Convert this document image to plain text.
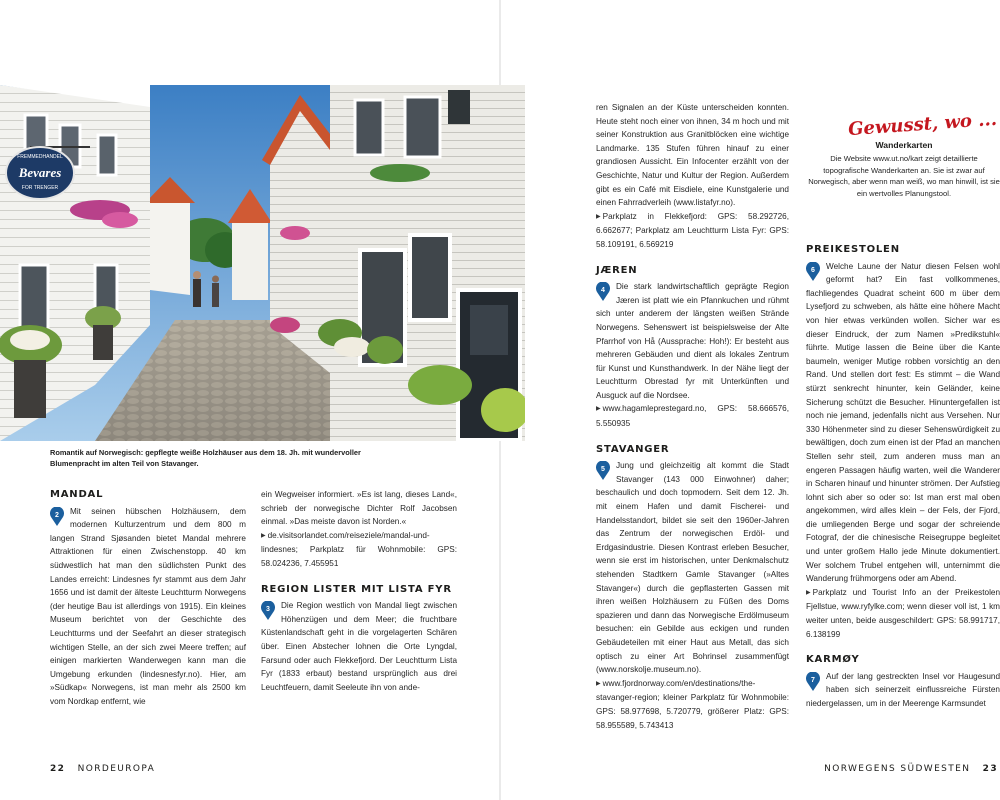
FREMMEDHANDEL
Bevares
FOR TRENGER
Romantik auf Norwegisch: gepflegte weiße Holzhäuser aus dem 18. Jh. mit wundervoller Blumenpracht im alten Teil von Stavanger.
MANDAL
2	Mit seinen hübschen Holzhäusern, dem modernen Kulturzentrum und dem 800 m langen Strand Sjøsanden bietet Mandal mehrere Attraktionen für einen Zwischenstopp. 40 km südwestlich hat man den südlichsten Punkt des Landes erreicht: Lindesnes fyr stammt aus dem Jahr 1656 und ist damit der älteste Leuchtturm Norwegens (der heutige Bau ist allerdings von 1915). Ein kleines Museum berichtet von der Geschichte des Leuchtturms und der Seefahrt an dieser strategisch wichtigen Stelle, an der sich zwei Meere treffen; auf einigen markierten Wanderwegen kann man die Umgebung erkunden (lindesnesfyr.no). Hier, am »Südkap« Norwegens, ist man mehr als 2500 km vom Nordkap entfernt, wie

ein Wegweiser informiert. »Es ist lang, dieses Land«, schrieb der norwegische Dichter Rolf Jacobsen einmal. »Das meiste davon ist Norden.«

▶ de.visitsorlandet.com/reiseziele/mandal-und-lindesnes; Parkplatz für Wohnmobile: GPS: 58.024236, 7.455951

REGION LISTER MIT LISTA FYR
3	Die Region westlich von Mandal liegt zwischen Höhenzügen und dem Meer; die fruchtbare Küstenlandschaft geht in die vorgelagerten Schären über. Einen Abstecher lohnen die Orte Lyngdal, Farsund oder auch Flekkefjord. Der Leuchtturm Lista Fyr (1833 erbaut) bestand ursprünglich aus drei Leuchtfeuern, damit Seeleute ihn von ande-

ren Signalen an der Küste unterscheiden konnten. Heute steht noch einer von ihnen, 34 m hoch und mit seiner Konstruktion aus Granitblöcken eine wichtige Landmarke. 135 Stufen führen hinauf zu einer grandiosen Aussicht. Ein Infocenter erzählt von der Geschichte, Natur und Kultur der Region. Außerdem gibt es ein Café mit Eisdiele, eine Kunstgalerie und einen Fahrradverleih (www.listafyr.no).

▶ Parkplatz in Flekkefjord: GPS: 58.292726, 6.662677; Parkplatz am Leuchtturm Lista Fyr: GPS: 58.109191, 6.569219

JÆREN
4	Die stark landwirtschaftlich geprägte Region Jæren ist platt wie ein Pfannkuchen und rühmt sich unter anderem der längsten weißen Strände Norwegens. Sehenswert ist beispielsweise der Alte Pfarrhof von Hå (Aussprache: Hoh!): Er besteht aus mehreren Gebäuden und dient als lokales Zentrum für Kunst und Kunsthandwerk. In der Nähe liegt der Leuchtturm Obrestad fyr mit Unterkünften und Ausguck auf die Nordsee.

▶ www.hagamleprestegard.no, GPS: 58.666576, 5.550935

STAVANGER
5	Jung und gleichzeitig alt kommt die Stadt Stavanger (143 000 Einwohner) daher; beschaulich und doch topmodern. Seit dem 12. Jh. mit einem Hafen und damit Fischerei- und Handelsstandort, bildet sie seit den 1960er-Jahren das Zentrum der norwegischen Erdöl- und Erdgasindustrie. Diesen Kontrast erleben Besucher, wenn sie erst im historischen, unter Denkmalschutz stehenden Stadtkern Gamle Stavanger (»Altes Stavanger«) durch die gepflasterten Gassen mit ihren weißen Holzhäusern zu Füßen des Doms spazieren und dann das Norwegische Erdölmuseum besuchen: ein Gebilde aus eckigen und runden Gebäudeteilen mit einer Haut aus Metall, das sich optisch zu einer Art Bohrinsel zusammenfügt (www.norskolje.museum.no).

▶ www.fjordnorway.com/en/destinations/the-stavanger-region; kleiner Parkplatz für Wohnmobile: GPS: 58.977698, 5.720779, größerer Platz: GPS: 58.955589, 5.743413

Gewusst, wo ...
Wanderkarten
Die Website www.ut.no/kart zeigt detaillierte topografische Wanderkarten an. Sie ist zwar auf Norwegisch, aber wenn man weiß, wo man hinwill, ist sie ein wertvolles Planungstool.
PREIKESTOLEN
6	Welche Laune der Natur diesen Felsen wohl geformt hat? Ein fast vollkommenes, flachliegendes Quadrat scheint 600 m über dem Lysefjord zu schweben, als hätte eine höhere Macht von hier etwas verkünden wollen. Sicher war es dieser Eindruck, der zum Namen »Predikstuhl« führte. Mutige lassen die Beine über die Kante baumeln, weniger Mutige robben vorsichtig an den Rand. Und stellen dort fest: Es stimmt – die Wand stürzt senkrecht hinunter, kein Geländer, keine Sicherung schützt die Besucher. Hinuntergefallen ist noch nie jemand, jedenfalls nicht aus Versehen. Nur 330 Höhenmeter sind zu dieser Sehenswürdigkeit zu bewältigen, doch zum einen ist der Pfad an manchen Stellen sehr steil, zum anderen muss man an engeren Passagen häufig warten, weil die Wanderer in Scharen hinauf und hinunter strömen. Der Aufstieg lohnt sich aber so oder so: Ist man erst mal oben angekommen, wird alles klein – der Fels, der Fjord, die umliegenden Berge und sogar der schreiende Fotograf, der die chinesische Reisegruppe begleitet und unter großem Hallo jede Minute dokumentiert. Wer solchem Trubel entgehen will, unternimmt die Wanderung frühmorgens oder am Abend.

▶ Parkplatz und Tourist Info an der Preikestolen Fjellstue, www.ryfylke.com; wenn dieser voll ist, 1 km weiter unten, beide ausgeschildert: GPS: 58.991717, 6.138199

KARMØY
7	Auf der lang gestreckten Insel vor Haugesund haben sich seinerzeit einflussreiche Fürsten niedergelassen, um in der Meerenge Karmsundet

22 NORDEUROPA	NORWEGENS SÜDWESTEN 23
